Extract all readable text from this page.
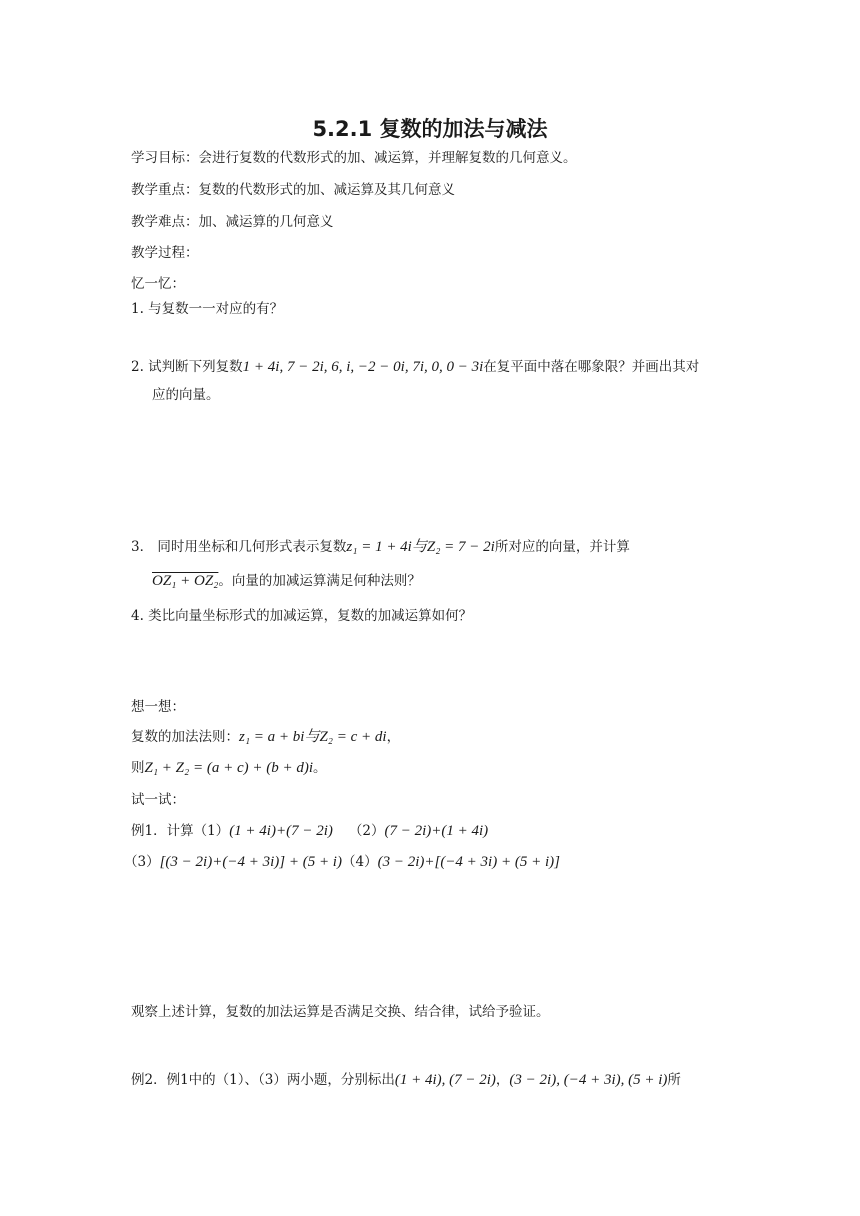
5.2.1 复数的加法与减法
学习目标：会进行复数的代数形式的加、减运算，并理解复数的几何意义。
教学重点：复数的代数形式的加、减运算及其几何意义
教学难点：加、减运算的几何意义
教学过程：
忆一忆：
1. 与复数一一对应的有？
2. 试判断下列复数1 + 4i, 7 − 2i, 6, i, −2 − 0i, 7i, 0, 0 − 3i在复平面中落在哪象限？并画出其对
应的向量。
3． 同时用坐标和几何形式表示复数z₁ = 1 + 4i与Z₂ = 7 − 2i所对应的向量，并计算
OZ₁ + OZ₂。向量的加减运算满足何种法则？
4. 类比向量坐标形式的加减运算，复数的加减运算如何？
想一想：
复数的加法法则：z₁ = a + bi与Z₂ = c + di，
则Z₁ + Z₂ = (a + c) + (b + d)i。
试一试：
例1．计算（1）(1 + 4i)+(7 − 2i) （2）(7 − 2i)+(1 + 4i)
（3）[(3 − 2i)+(−4 + 3i)] + (5 + i)（4）(3 − 2i)+[(−4 + 3i) + (5 + i)]
观察上述计算，复数的加法运算是否满足交换、结合律，试给予验证。
例2．例1中的（1）、（3）两小题，分别标出(1 + 4i), (7 − 2i)，(3 − 2i), (−4 + 3i), (5 + i)所
